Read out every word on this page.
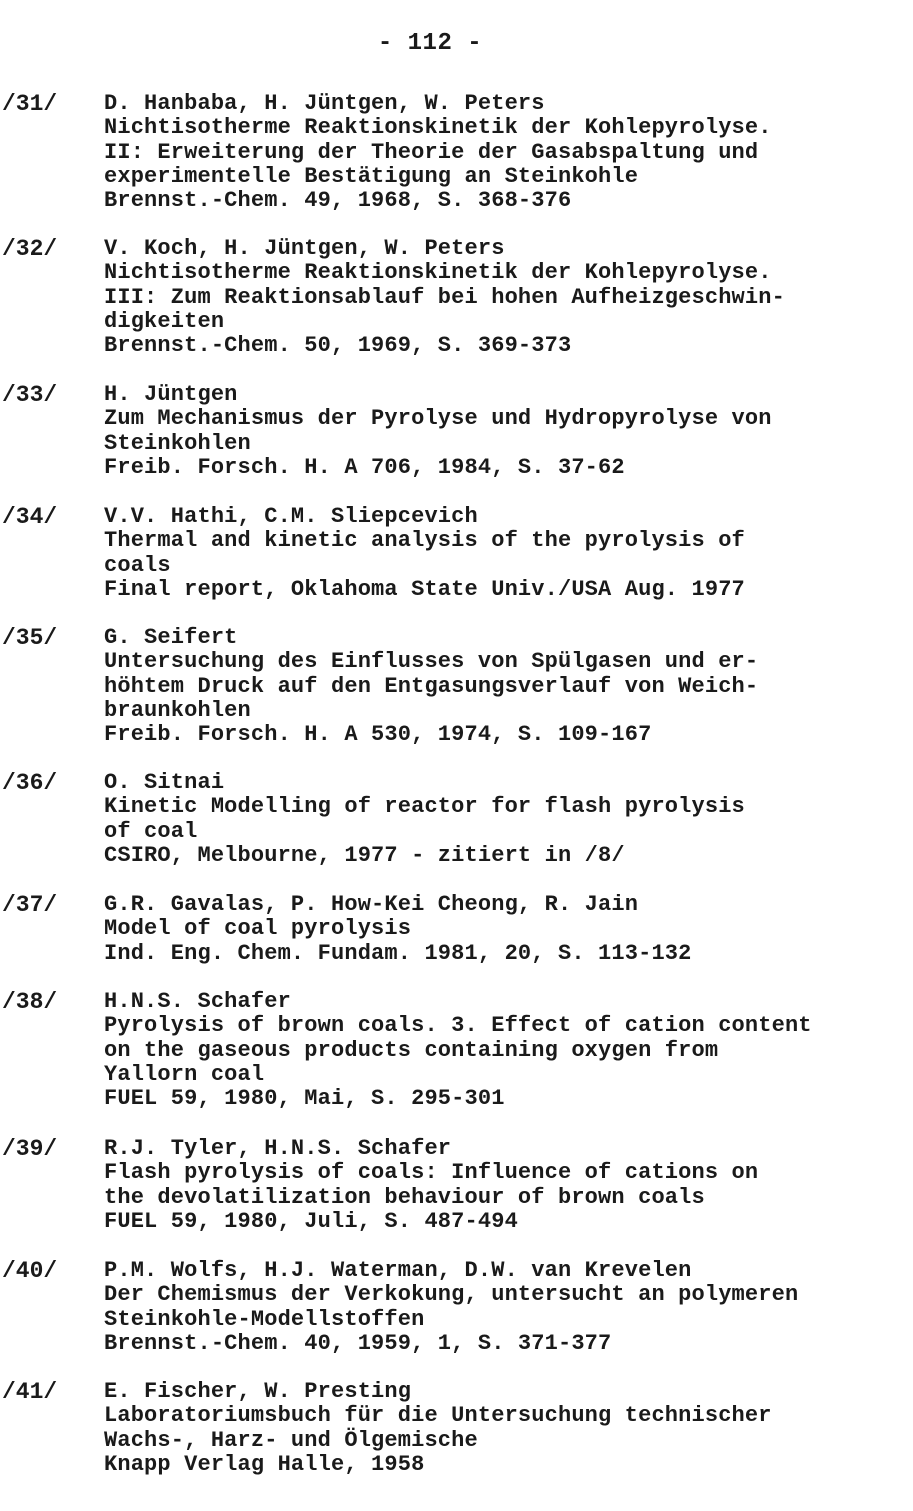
- 112 -
/31/ D. Hanbaba, H. Jüntgen, W. Peters
Nichtisotherme Reaktionskinetik der Kohlepyrolyse.
II: Erweiterung der Theorie der Gasabspaltung und
experimentelle Bestätigung an Steinkohle
Brennst.-Chem. 49, 1968, S. 368-376
/32/ V. Koch, H. Jüntgen, W. Peters
Nichtisotherme Reaktionskinetik der Kohlepyrolyse.
III: Zum Reaktionsablauf bei hohen Aufheizgeschwin-
digkeiten
Brennst.-Chem. 50, 1969, S. 369-373
/33/ H. Jüntgen
Zum Mechanismus der Pyrolyse und Hydropyrolyse von
Steinkohlen
Freib. Forsch. H. A 706, 1984, S. 37-62
/34/ V.V. Hathi, C.M. Sliepcevich
Thermal and kinetic analysis of the pyrolysis of
coals
Final report, Oklahoma State Univ./USA Aug. 1977
/35/ G. Seifert
Untersuchung des Einflusses von Spülgasen und er-
höhtem Druck auf den Entgasungsverlauf von Weich-
braunkohlen
Freib. Forsch. H. A 530, 1974, S. 109-167
/36/ O. Sitnai
Kinetic Modelling of reactor for flash pyrolysis
of coal
CSIRO, Melbourne, 1977 - zitiert in /8/
/37/ G.R. Gavalas, P. How-Kei Cheong, R. Jain
Model of coal pyrolysis
Ind. Eng. Chem. Fundam. 1981, 20, S. 113-132
/38/ H.N.S. Schafer
Pyrolysis of brown coals. 3. Effect of cation content
on the gaseous products containing oxygen from
Yallorn coal
FUEL 59, 1980, Mai, S. 295-301
/39/ R.J. Tyler, H.N.S. Schafer
Flash pyrolysis of coals: Influence of cations on
the devolatilization behaviour of brown coals
FUEL 59, 1980, Juli, S. 487-494
/40/ P.M. Wolfs, H.J. Waterman, D.W. van Krevelen
Der Chemismus der Verkokung, untersucht an polymeren
Steinkohle-Modellstoffen
Brennst.-Chem. 40, 1959, 1, S. 371-377
/41/ E. Fischer, W. Presting
Laboratoriumsbuch für die Untersuchung technischer
Wachs-, Harz- und Ölgemische
Knapp Verlag Halle, 1958
